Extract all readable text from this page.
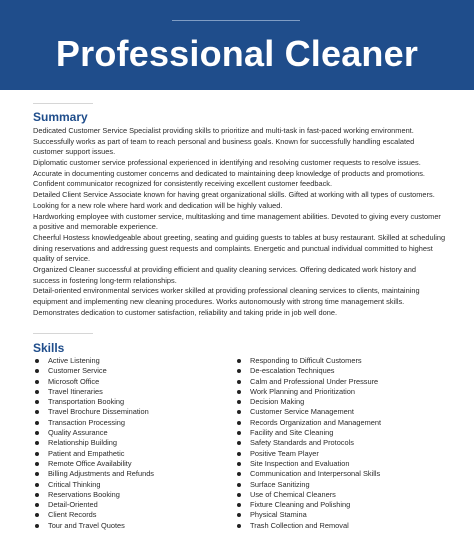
Professional Cleaner
Summary
Dedicated Customer Service Specialist providing skills to prioritize and multi-task in fast-paced working environment.
Successfully works as part of team to reach personal and business goals. Known for successfully handling escalated
customer support issues.
Diplomatic customer service professional experienced in identifying and resolving customer requests to resolve issues.
Accurate in documenting customer concerns and dedicated to maintaining deep knowledge of products and promotions.
Confident communicator recognized for consistently receiving excellent customer feedback.
Detailed Client Service Associate known for having great organizational skills. Gifted at working with all types of customers.
Looking for a new role where hard work and dedication will be highly valued.
Hardworking employee with customer service, multitasking and time management abilities. Devoted to giving every customer
a positive and memorable experience.
Cheerful Hostess knowledgeable about greeting, seating and guiding guests to tables at busy restaurant. Skilled at scheduling
dining reservations and addressing guest requests and complaints. Energetic and punctual individual committed to highest
quality of service.
Organized Cleaner successful at providing efficient and quality cleaning services. Offering dedicated work history and
success in fostering long-term relationships.
Detail-oriented environmental services worker skilled at providing professional cleaning services to clients, maintaining
equipment and implementing new cleaning procedures. Works autonomously with strong time management skills.
Demonstrates dedication to customer satisfaction, reliability and taking pride in job well done.
Skills
Active Listening
Customer Service
Microsoft Office
Travel Itineraries
Transportation Booking
Travel Brochure Dissemination
Transaction Processing
Quality Assurance
Relationship Building
Patient and Empathetic
Remote Office Availability
Billing Adjustments and Refunds
Critical Thinking
Reservations Booking
Detail-Oriented
Client Records
Tour and Travel Quotes
Responding to Difficult Customers
De-escalation Techniques
Calm and Professional Under Pressure
Work Planning and Prioritization
Decision Making
Customer Service Management
Records Organization and Management
Facility and Site Cleaning
Safety Standards and Protocols
Positive Team Player
Site Inspection and Evaluation
Communication and Interpersonal Skills
Surface Sanitizing
Use of Chemical Cleaners
Fixture Cleaning and Polishing
Physical Stamina
Trash Collection and Removal
